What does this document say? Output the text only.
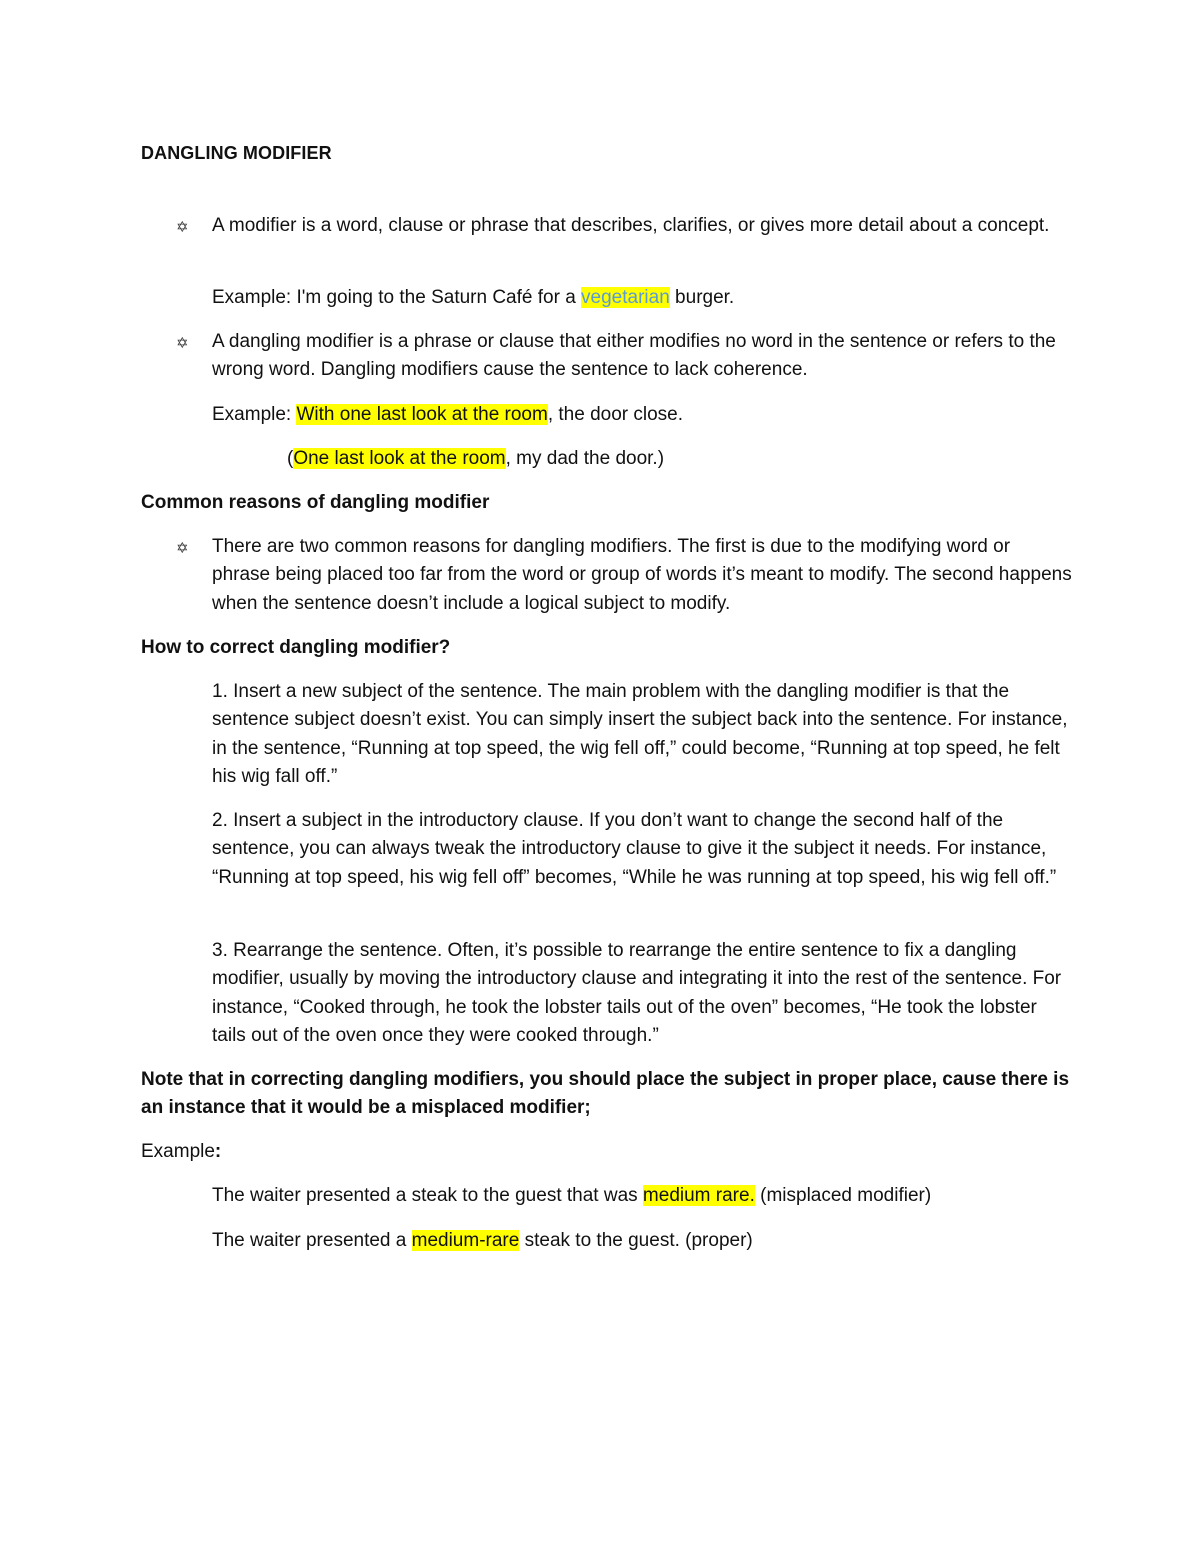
DANGLING MODIFIER
✡ A modifier is a word, clause or phrase that describes, clarifies, or gives more detail about a concept.
Example: I'm going to the Saturn Café for a vegetarian burger.
✡ A dangling modifier is a phrase or clause that either modifies no word in the sentence or refers to the wrong word. Dangling modifiers cause the sentence to lack coherence.
Example: With one last look at the room, the door close.
(One last look at the room, my dad the door.)
Common reasons of dangling modifier
✡ There are two common reasons for dangling modifiers. The first is due to the modifying word or phrase being placed too far from the word or group of words it’s meant to modify. The second happens when the sentence doesn’t include a logical subject to modify.
How to correct dangling modifier?
1. Insert a new subject of the sentence. The main problem with the dangling modifier is that the sentence subject doesn’t exist. You can simply insert the subject back into the sentence. For instance, in the sentence, “Running at top speed, the wig fell off,” could become, “Running at top speed, he felt his wig fall off.”
2. Insert a subject in the introductory clause. If you don’t want to change the second half of the sentence, you can always tweak the introductory clause to give it the subject it needs. For instance, “Running at top speed, his wig fell off” becomes, “While he was running at top speed, his wig fell off.”
3. Rearrange the sentence. Often, it’s possible to rearrange the entire sentence to fix a dangling modifier, usually by moving the introductory clause and integrating it into the rest of the sentence. For instance, “Cooked through, he took the lobster tails out of the oven” becomes, “He took the lobster tails out of the oven once they were cooked through.”
Note that in correcting dangling modifiers, you should place the subject in proper place, cause there is an instance that it would be a misplaced modifier;
Example:
The waiter presented a steak to the guest that was medium rare. (misplaced modifier)
The waiter presented a medium-rare steak to the guest. (proper)
